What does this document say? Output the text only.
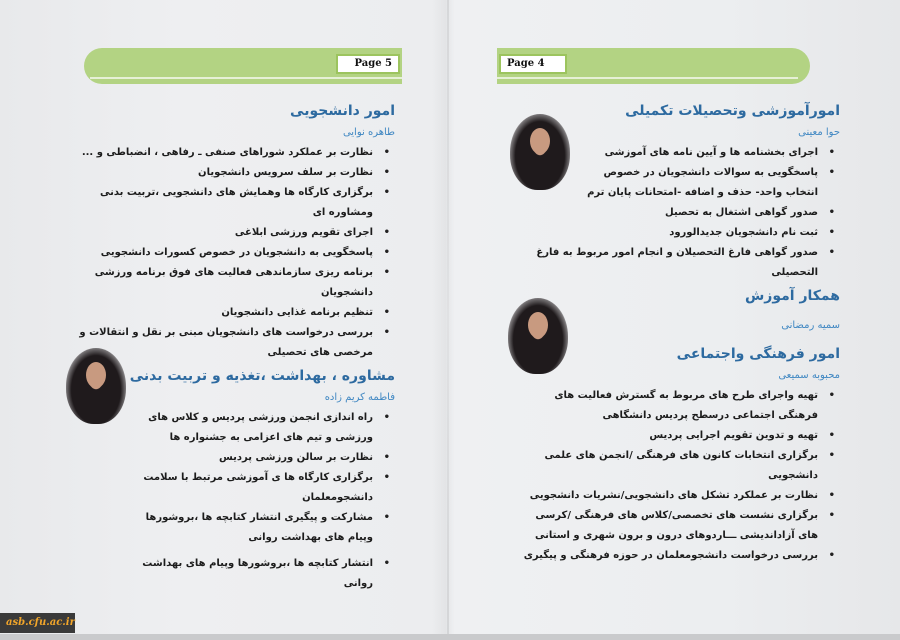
Page 5
امور دانشجویی
طاهره نوایی
• نظارت بر عملکرد شوراهای صنفی ـ رفاهی ، انضباطی و ...
• نظارت بر سلف سرویس دانشجویان
• برگزاری کارگاه ها وهمایش های دانشجویی ،تربیت بدنی ومشاوره ای
• اجرای تقویم ورزشی ابلاغی
• پاسخگویی به دانشجویان در خصوص کسورات دانشجویی
• برنامه ریزی سازماندهی فعالیت های فوق برنامه ورزشی دانشجویان
• تنظیم برنامه غذایی دانشجویان
• بررسی درخواست های دانشجویان مبنی بر نقل و انتقالات و مرخصی های تحصیلی
مشاوره ، بهداشت ،تغذیه و تربیت بدنی
فاطمه کریم زاده
• راه اندازی انجمن ورزشی پردیس و کلاس های ورزشی و تیم های اعزامی به جشنواره ها
• نظارت بر سالن ورزشی پردیس
• برگزاری کارگاه ها ی آموزشی مرتبط با سلامت دانشجومعلمان
• مشارکت و پیگیری انتشار کتابچه ها ،بروشورها وپیام های بهداشت روانی
• انتشار کتابچه ها ،بروشورها وپیام های بهداشت روانی
Page 4
امورآموزشی وتحصیلات تکمیلی
حوا معینی
• اجرای بخشنامه ها و آیین نامه های آموزشی
• پاسخگویی به سوالات دانشجویان در خصوص انتخاب واحد- حذف و اضافه -امتحانات پایان ترم
• صدور گواهی اشتغال به تحصیل
• ثبت نام دانشجویان جدیدالورود
• صدور گواهی فارغ التحصیلان و انجام امور مربوط به فارغ التحصیلی
همکار آموزش
سمیه رمضانی
امور فرهنگی واجتماعی
محبوبه سمیعی
• تهیه واجرای طرح های مربوط به گسترش فعالیت های فرهنگی اجتماعی درسطح پردیس دانشگاهی
• تهیه و تدوین تقویم اجرایی پردیس
• برگزاری انتخابات کانون های فرهنگی /انجمن های علمی دانشجویی
• نظارت بر عملکرد تشکل های دانشجویی/نشریات دانشجویی
• برگزاری نشست های تخصصی/کلاس های فرهنگی /کرسی های آزاداندیشی ـــاردوهای درون و برون شهری و استانی
• بررسی درخواست دانشجومعلمان در حوزه فرهنگی و پیگیری
asb.cfu.ac.ir
